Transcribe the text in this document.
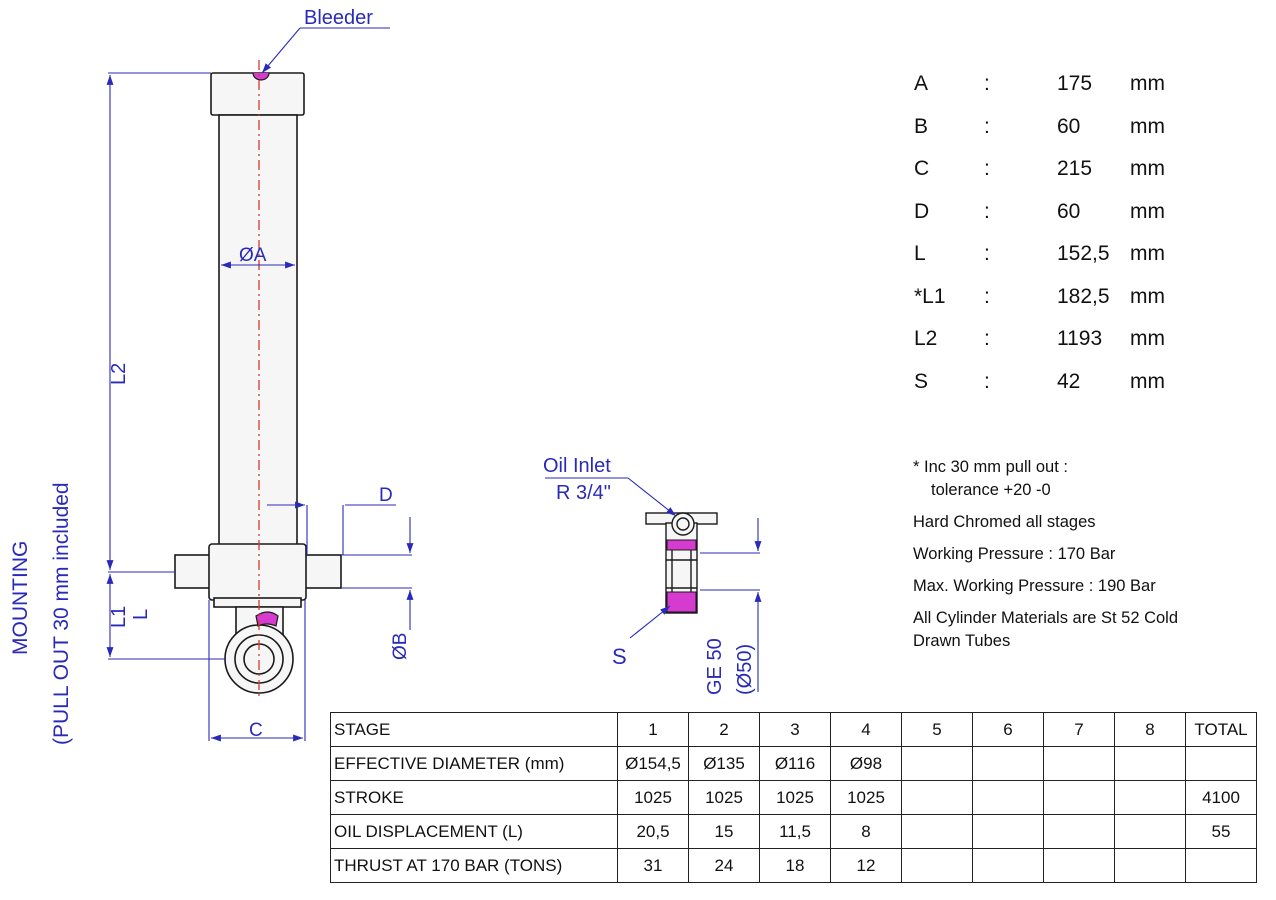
Bleeder
ØA
L2
L1 L
C
D
ØB
MOUNTING (PULL OUT 30 mm included
Oil Inlet
R 3/4"
S	GE 50 (Ø50)
A	:	175 mm
B	:	60 mm
C	:	215 mm
D	:	60 mm
L	:	152,5 mm
*L1 :	182,5 mm
L2 :	1193 mm
S	:	42 mm

* Inc 30 mm pull out :
tolerance +20 -0

Hard Chromed all stages

Working Pressure : 170 Bar

Max. Working Pressure : 190 Bar

All Cylinder Materials are St 52 Cold Drawn Tubes

STAGE	1	2	3	4	5	6	7	8	TOTAL
EFFECTIVE DIAMETER (mm)	Ø154,5	Ø135	Ø116	Ø98					
STROKE	1025	1025	1025	1025					4100
OIL DISPLACEMENT (L)	20,5	15	11,5	8					55
THRUST AT 170 BAR (TONS)	31	24	18	12					
